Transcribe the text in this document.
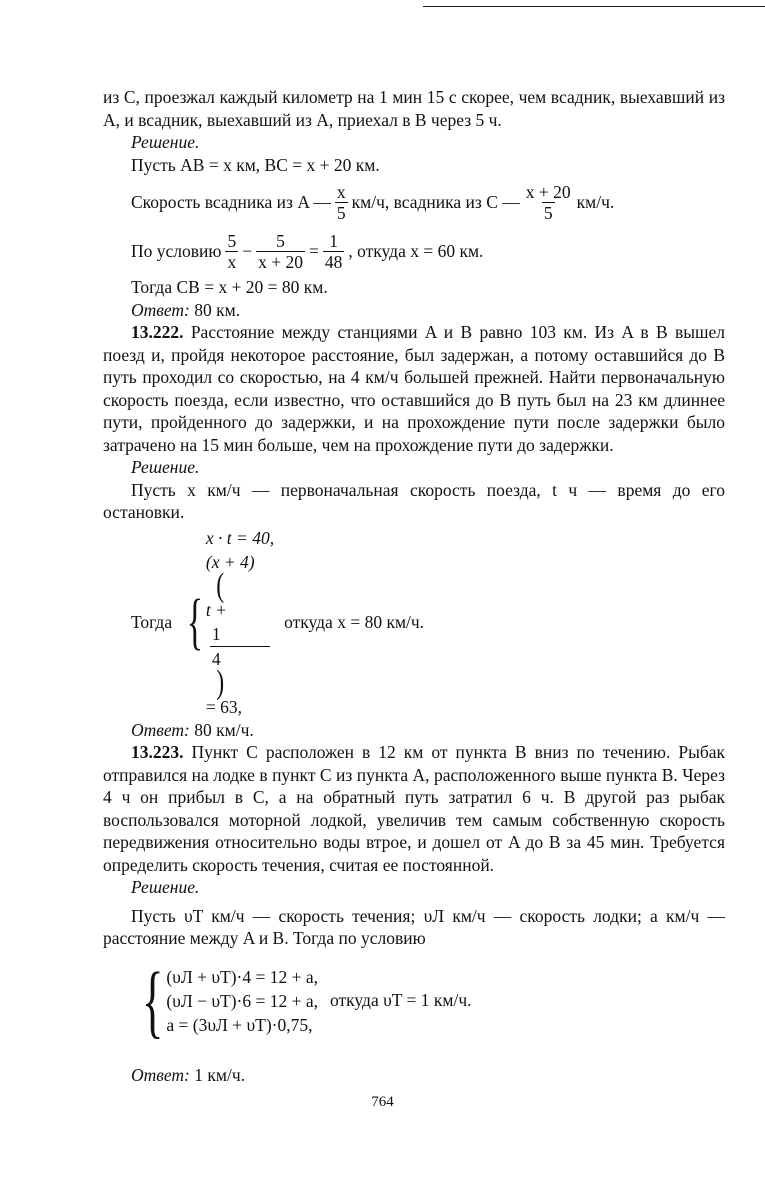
из C, проезжал каждый километр на 1 мин 15 с скорее, чем всадник, выехавший из A, и всадник, выехавший из A, приехал в B через 5 ч.

Решение.

Пусть AB = x км, BC = x + 20 км.

Скорость всадника из A — $\frac{x}{5} км/ч$, всадника из C — $\frac{x + 20}{5} км/ч$.
По условию $\frac{5}{x} - \frac{5}{x + 20} = \frac{1}{48}$ , откуда x = 60 км.

Тогда CB = x + 20 = 80 км.

Ответ: 80 км.

13.222. Расстояние между станциями A и B равно 103 км. Из A в B вышел поезд и, пройдя некоторое расстояние, был задержан, а потому оставшийся до B путь проходил со скоростью, на 4 км/ч большей прежней. Найти первоначальную скорость поезда, если известно, что оставшийся до B путь был на 23 км длиннее пути, пройденного до задержки, и на прохождение пути после задержки было затрачено на 15 мин больше, чем на прохождение пути до задержки.

Решение.

Пусть x км/ч — первоначальная скорость поезда, t ч — время до его остановки.

Тогда {
x · t = 40,
(x + 4)
(
t +
1
4
)
= 63,
откуда x = 80 км/ч.

Ответ: 80 км/ч.

13.223. Пункт C расположен в 12 км от пункта B вниз по течению. Рыбак отправился на лодке в пункт C из пункта A, расположенного выше пункта B. Через 4 ч он прибыл в C, а на обратный путь затратил 6 ч. В другой раз рыбак воспользовался моторной лодкой, увеличив тем самым собственную скорость передвижения относительно воды втрое, и дошел от A до B за 45 мин. Требуется определить скорость течения, считая ее постоянной.

Решение.

Пусть υT км/ч — скорость течения; υЛ км/ч — скорость лодки; a км/ч — расстояние между A и B. Тогда по условию

{ (υЛ + υT)·4 = 12 + a,
(υЛ − υT)·6 = 12 + a,
a = (3υЛ + υT)·0,75,
откуда υT = 1 км/ч.

Ответ: 1 км/ч.

764
